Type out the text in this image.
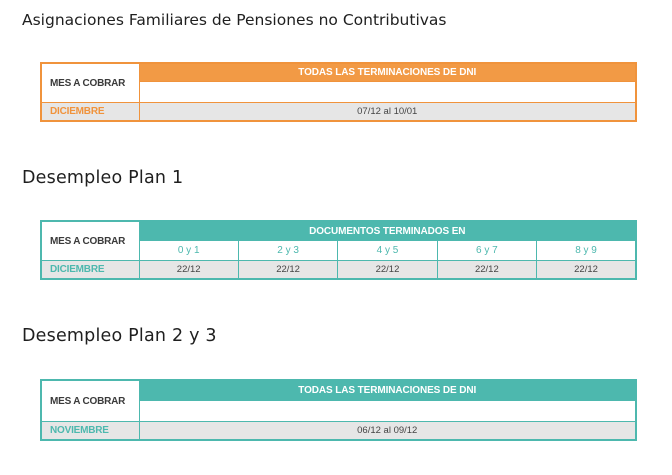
Asignaciones Familiares de Pensiones no Contributivas
MES A COBRAR	TODAS LAS TERMINACIONES DE DNI

DICIEMBRE	07/12 al 10/01
Desempleo Plan 1
MES A COBRAR	DOCUMENTOS TERMINADOS EN				
	0 y 1	2 y 3	4 y 5	6 y 7	8 y 9
DICIEMBRE	22/12	22/12	22/12	22/12	22/12
Desempleo Plan 2 y 3
MES A COBRAR	TODAS LAS TERMINACIONES DE DNI

NOVIEMBRE	06/12 al 09/12
